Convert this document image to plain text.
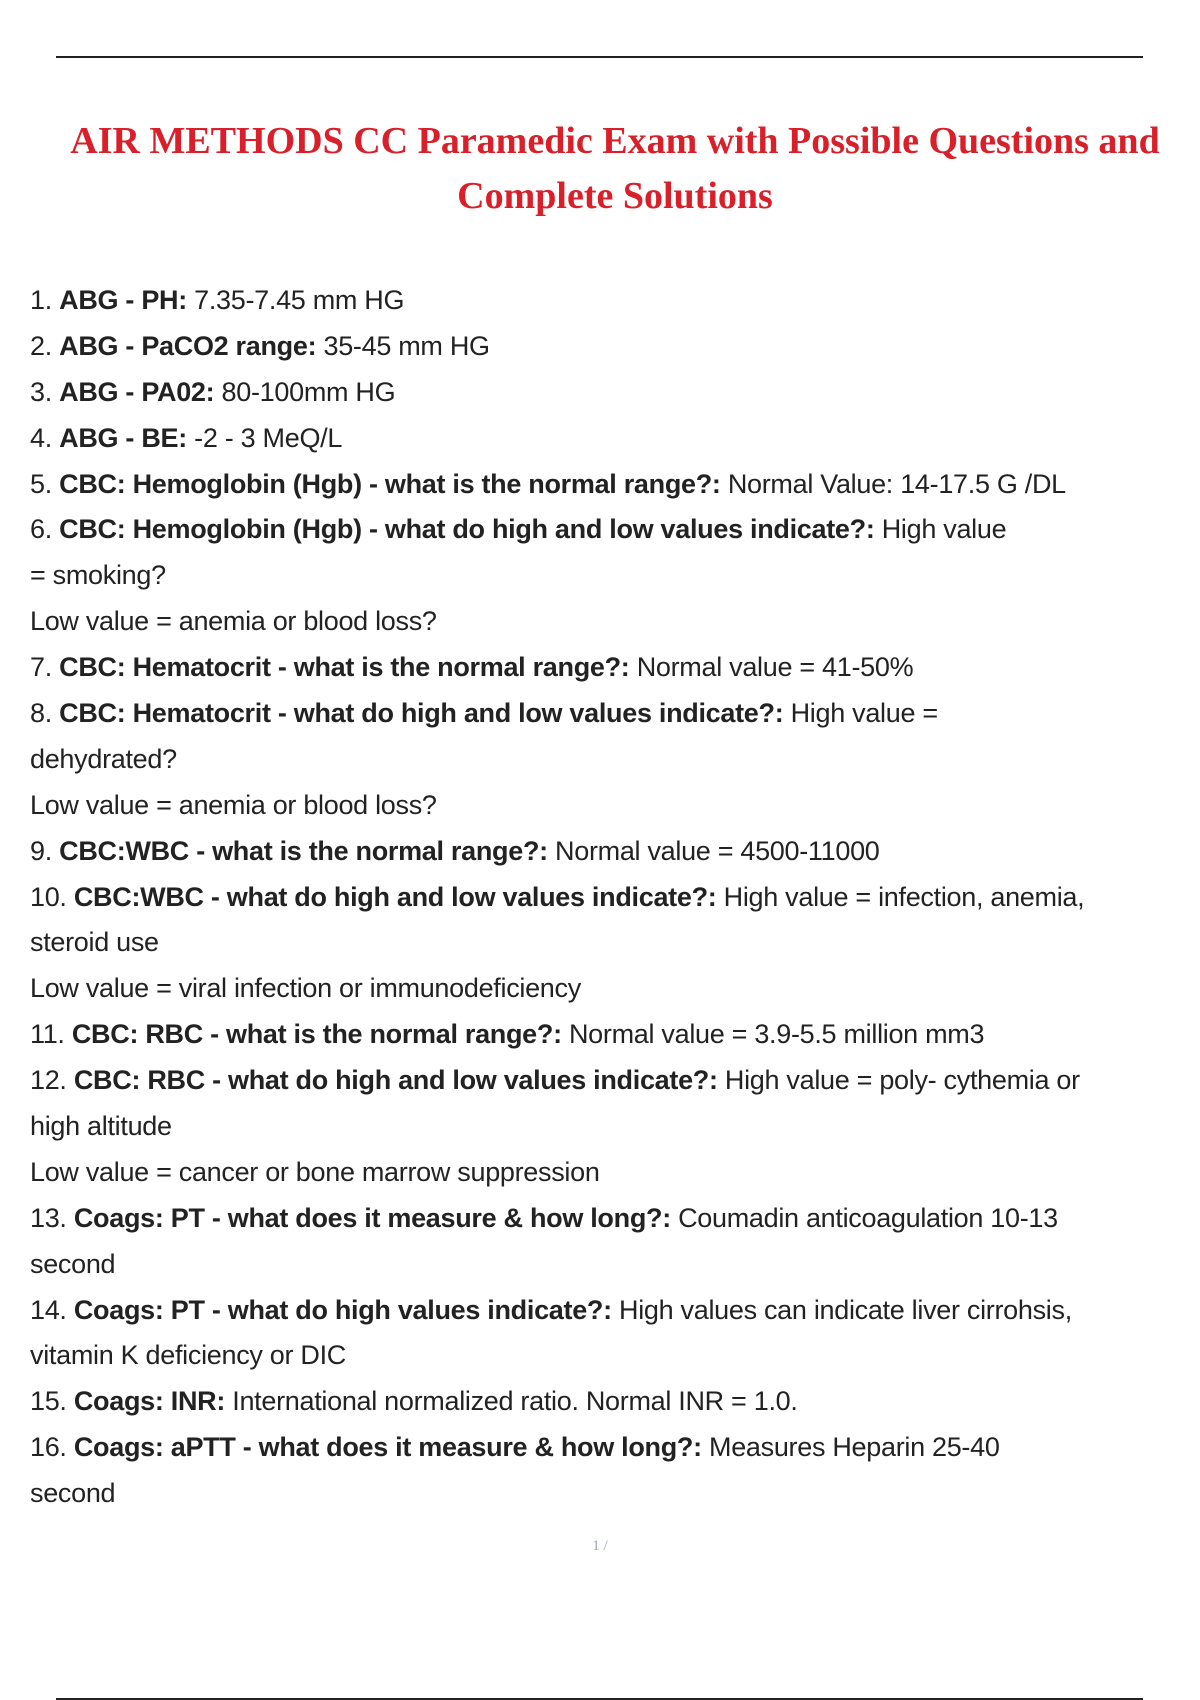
AIR METHODS CC Paramedic Exam with Possible Questions and
Complete Solutions
1. ABG - PH: 7.35-7.45 mm HG
2. ABG - PaCO2 range: 35-45 mm HG
3. ABG - PA02: 80-100mm HG
4. ABG - BE: -2 - 3 MeQ/L
5. CBC: Hemoglobin (Hgb) - what is the normal range?: Normal Value: 14-17.5 G /DL
6. CBC: Hemoglobin (Hgb) - what do high and low values indicate?: High value
= smoking?
Low value = anemia or blood loss?
7. CBC: Hematocrit - what is the normal range?: Normal value = 41-50%
8. CBC: Hematocrit - what do high and low values indicate?: High value =
dehydrated?
Low value = anemia or blood loss?
9. CBC:WBC - what is the normal range?: Normal value = 4500-11000
10. CBC:WBC - what do high and low values indicate?: High value = infection, anemia,
steroid use
Low value = viral infection or immunodeficiency
11. CBC: RBC - what is the normal range?: Normal value = 3.9-5.5 million mm3
12. CBC: RBC - what do high and low values indicate?: High value = poly- cythemia or
high altitude
Low value = cancer or bone marrow suppression
13. Coags: PT - what does it measure & how long?: Coumadin anticoagulation 10-13
second
14. Coags: PT - what do high values indicate?: High values can indicate liver cirrohsis,
vitamin K deficiency or DIC
15. Coags: INR: International normalized ratio. Normal INR = 1.0.
16. Coags: aPTT - what does it measure & how long?: Measures Heparin 25-40
second
1 /
